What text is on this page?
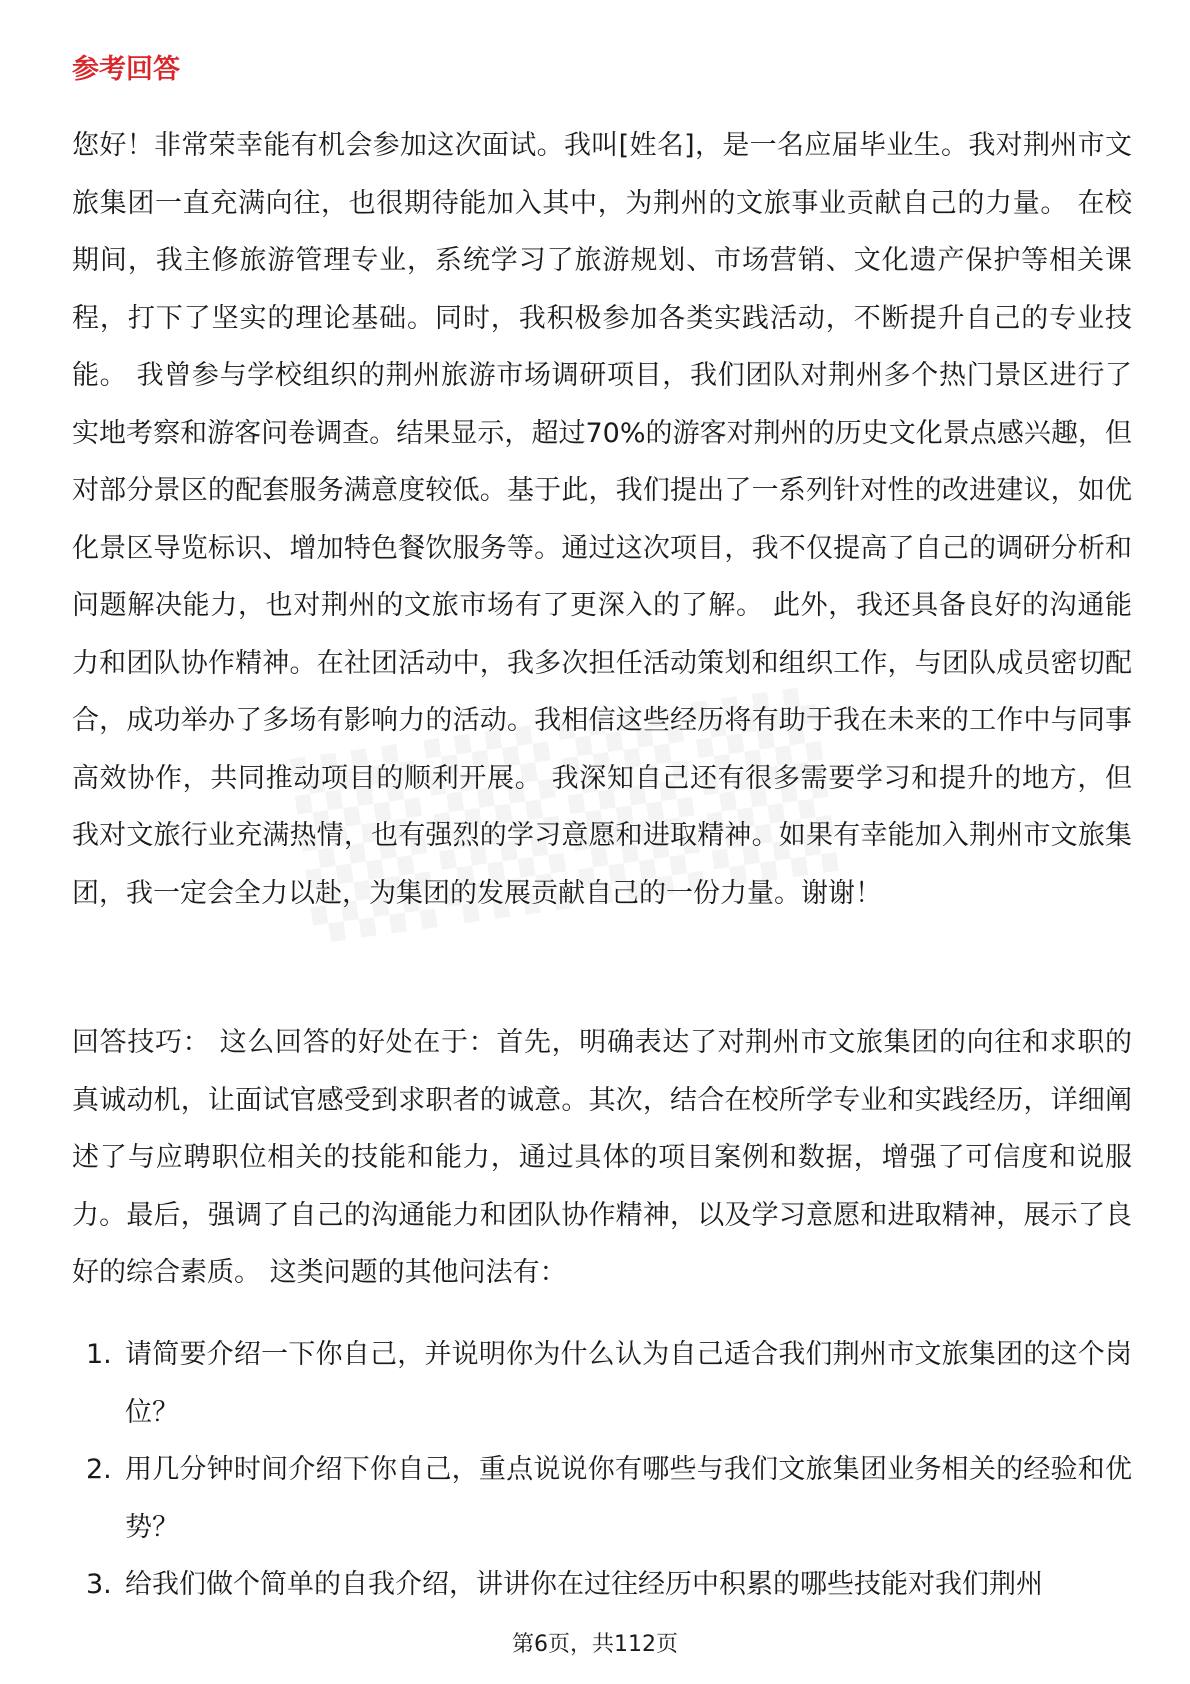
参考回答

您好！非常荣幸能有机会参加这次面试。我叫[姓名]，是一名应届毕业生。我对荆州市文旅集团一直充满向往，也很期待能加入其中，为荆州的文旅事业贡献自己的力量。 在校期间，我主修旅游管理专业，系统学习了旅游规划、市场营销、文化遗产保护等相关课程，打下了坚实的理论基础。同时，我积极参加各类实践活动，不断提升自己的专业技能。 我曾参与学校组织的荆州旅游市场调研项目，我们团队对荆州多个热门景区进行了实地考察和游客问卷调查。结果显示，超过70%的游客对荆州的历史文化景点感兴趣，但对部分景区的配套服务满意度较低。基于此，我们提出了一系列针对性的改进建议，如优化景区导览标识、增加特色餐饮服务等。通过这次项目，我不仅提高了自己的调研分析和问题解决能力，也对荆州的文旅市场有了更深入的了解。 此外，我还具备良好的沟通能力和团队协作精神。在社团活动中，我多次担任活动策划和组织工作，与团队成员密切配合，成功举办了多场有影响力的活动。我相信这些经历将有助于我在未来的工作中与同事高效协作，共同推动项目的顺利开展。 我深知自己还有很多需要学习和提升的地方，但我对文旅行业充满热情，也有强烈的学习意愿和进取精神。如果有幸能加入荆州市文旅集团，我一定会全力以赴，为集团的发展贡献自己的一份力量。谢谢！

回答技巧： 这么回答的好处在于：首先，明确表达了对荆州市文旅集团的向往和求职的真诚动机，让面试官感受到求职者的诚意。其次，结合在校所学专业和实践经历，详细阐述了与应聘职位相关的技能和能力，通过具体的项目案例和数据，增强了可信度和说服力。最后，强调了自己的沟通能力和团队协作精神，以及学习意愿和进取精神，展示了良好的综合素质。 这类问题的其他问法有：

1. 请简要介绍一下你自己，并说明你为什么认为自己适合我们荆州市文旅集团的这个岗位？
2. 用几分钟时间介绍下你自己，重点说说你有哪些与我们文旅集团业务相关的经验和优势？
3. 给我们做个简单的自我介绍，讲讲你在过往经历中积累的哪些技能对我们荆州
第6页，共112页
